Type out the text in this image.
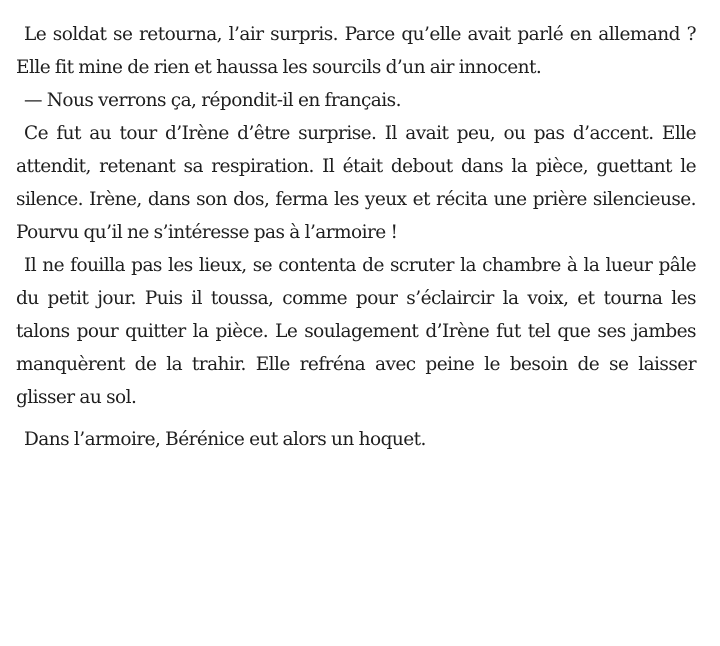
Le soldat se retourna, l’air surpris. Parce qu’elle avait parlé en allemand ? Elle fit mine de rien et haussa les sourcils d’un air innocent.

— Nous verrons ça, répondit-il en français.

Ce fut au tour d’Irène d’être surprise. Il avait peu, ou pas d’accent. Elle attendit, retenant sa respiration. Il était debout dans la pièce, guettant le silence. Irène, dans son dos, ferma les yeux et récita une prière silencieuse. Pourvu qu’il ne s’intéresse pas à l’armoire !

Il ne fouilla pas les lieux, se contenta de scruter la chambre à la lueur pâle du petit jour. Puis il toussa, comme pour s’éclaircir la voix, et tourna les talons pour quitter la pièce. Le soulagement d’Irène fut tel que ses jambes manquèrent de la trahir. Elle refréna avec peine le besoin de se laisser glisser au sol.

Dans l’armoire, Bérénice eut alors un hoquet.
